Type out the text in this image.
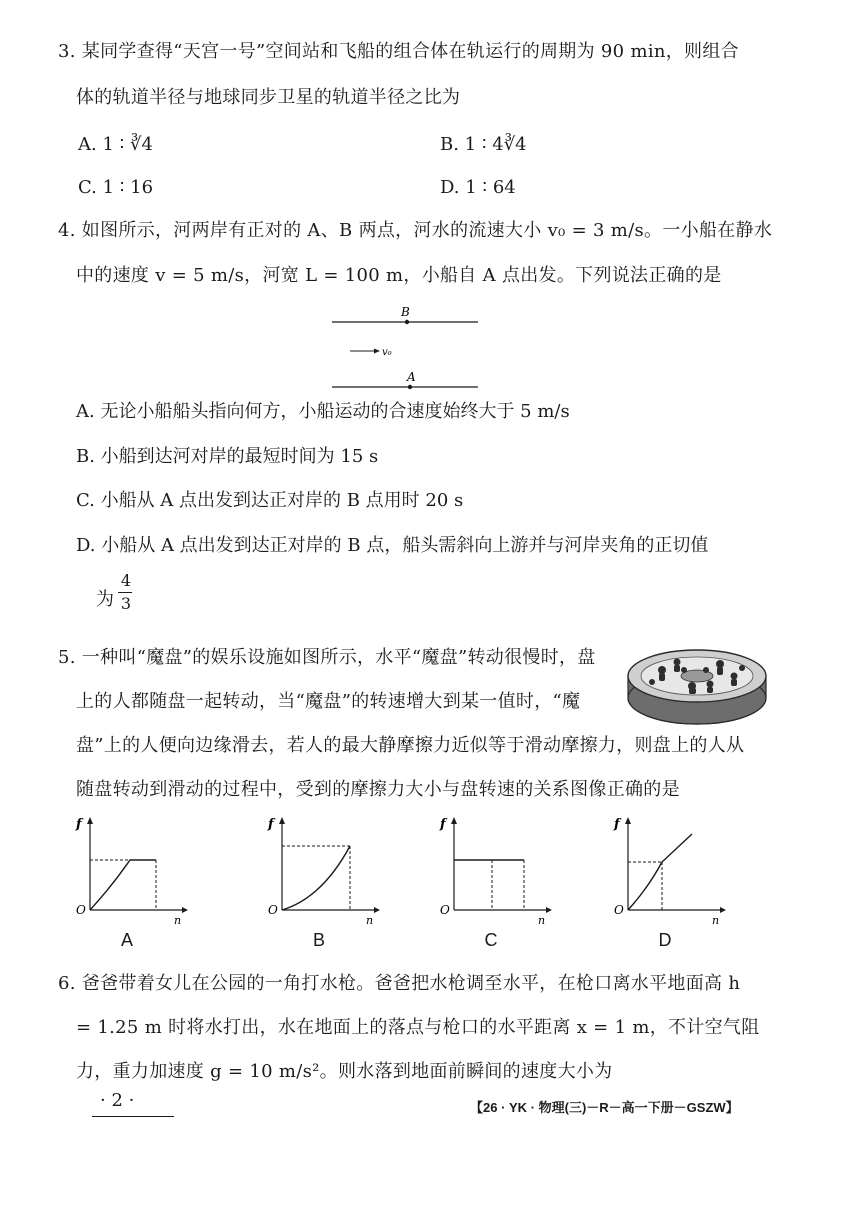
3. 某同学查得“天宫一号”空间站和飞船的组合体在轨运行的周期为 90 min，则组合
体的轨道半径与地球同步卫星的轨道半径之比为
A. 1 ∶ ∛4	B. 1 ∶ 4∛4
C. 1 ∶ 16	D. 1 ∶ 64
4. 如图所示，河两岸有正对的 A、B 两点，河水的流速大小 v₀ = 3 m/s。一小船在静水
中的速度 v = 5 m/s，河宽 L = 100 m，小船自 A 点出发。下列说法正确的是
B
v₀
A
A. 无论小船船头指向何方，小船运动的合速度始终大于 5 m/s
B. 小船到达河对岸的最短时间为 15 s
C. 小船从 A 点出发到达正对岸的 B 点用时 20 s
D. 小船从 A 点出发到达正对岸的 B 点，船头需斜向上游并与河岸夹角的正切值
为
4
3
5. 一种叫“魔盘”的娱乐设施如图所示，水平“魔盘”转动很慢时，盘
上的人都随盘一起转动，当“魔盘”的转速增大到某一值时，“魔
盘”上的人便向边缘滑去，若人的最大静摩擦力近似等于滑动摩擦力，则盘上的人从
随盘转动到滑动的过程中，受到的摩擦力大小与盘转速的关系图像正确的是
f
n
O
A
f
n
O
B
f
n
O
C
f
n
O
D
6. 爸爸带着女儿在公园的一角打水枪。爸爸把水枪调至水平，在枪口离水平地面高 h
= 1.25 m 时将水打出，水在地面上的落点与枪口的水平距离 x = 1 m，不计空气阻
力，重力加速度 g = 10 m/s²。则水落到地面前瞬间的速度大小为
· 2 ·	【26 · YK · 物理(三)－R－高一下册－GSZW】
